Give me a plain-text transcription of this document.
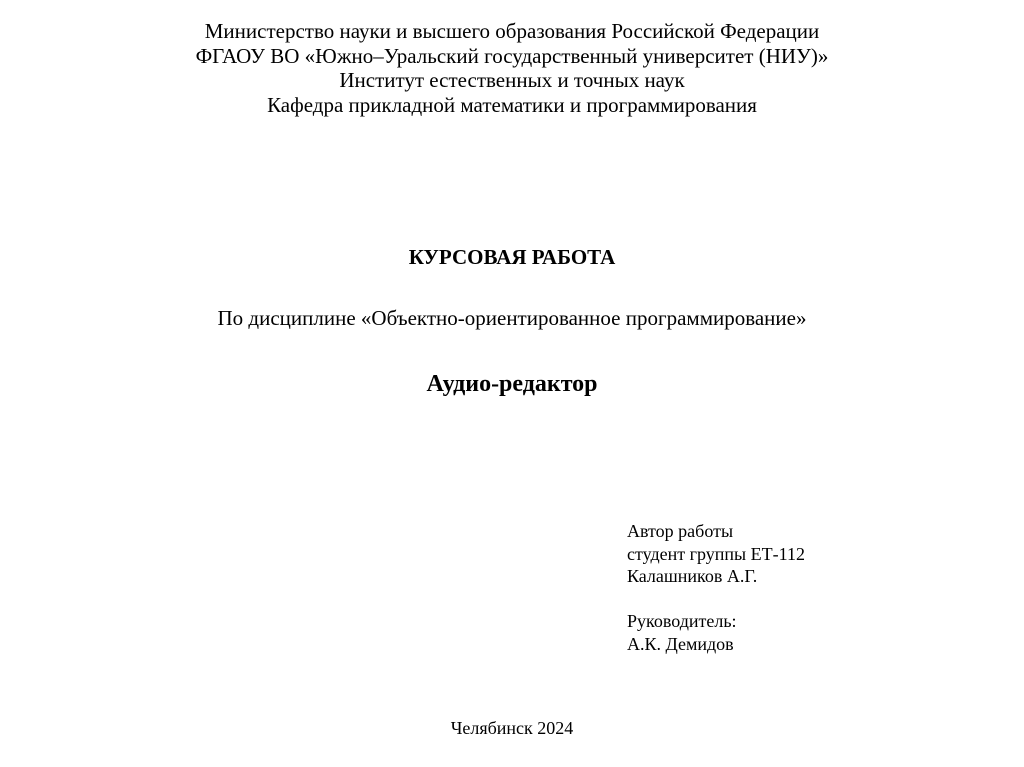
Министерство науки и высшего образования Российской Федерации
ФГАОУ ВО «Южно–Уральский государственный университет (НИУ)»
Институт естественных и точных наук
Кафедра прикладной математики и программирования
КУРСОВАЯ РАБОТА
По дисциплине «Объектно-ориентированное программирование»
Аудио-редактор
Автор работы
студент группы ЕТ-112
Калашников А.Г.
Руководитель:
А.К. Демидов
Челябинск 2024
